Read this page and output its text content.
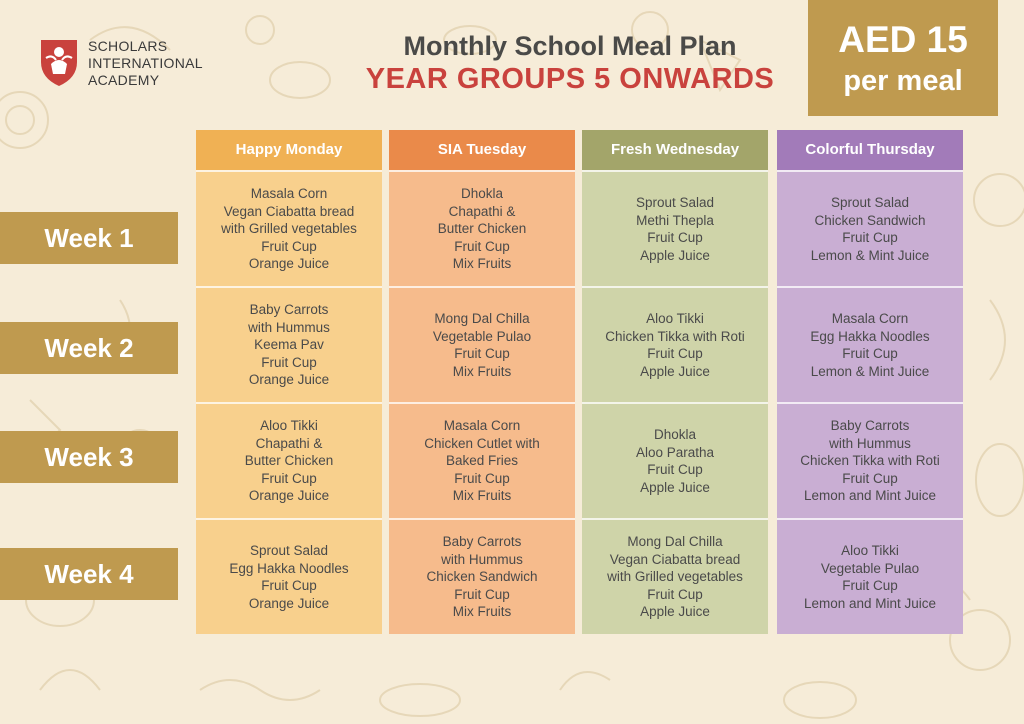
SCHOLARS
INTERNATIONAL
ACADEMY
Monthly School Meal Plan
YEAR GROUPS 5 ONWARDS
AED 15
per meal
Week 1
Week 2
Week 3
Week 4
Happy Monday
Masala Corn
Vegan Ciabatta bread
with Grilled vegetables
Fruit Cup
Orange Juice
Baby Carrots
with Hummus
Keema Pav
Fruit Cup
Orange Juice
Aloo Tikki
Chapathi &
Butter Chicken
Fruit Cup
Orange Juice
Sprout Salad
Egg Hakka Noodles
Fruit Cup
Orange Juice
SIA Tuesday
Dhokla
Chapathi &
Butter Chicken
Fruit Cup
Mix Fruits
Mong Dal Chilla
Vegetable Pulao
Fruit Cup
Mix Fruits
Masala Corn
Chicken Cutlet with
Baked Fries
Fruit Cup
Mix Fruits
Baby Carrots
with Hummus
Chicken Sandwich
Fruit Cup
Mix Fruits
Fresh Wednesday
Sprout Salad
Methi Thepla
Fruit Cup
Apple Juice
Aloo Tikki
Chicken Tikka with Roti
Fruit Cup
Apple Juice
Dhokla
Aloo Paratha
Fruit Cup
Apple Juice
Mong Dal Chilla
Vegan Ciabatta bread
with Grilled vegetables
Fruit Cup
Apple Juice
Colorful Thursday
Sprout Salad
Chicken Sandwich
Fruit Cup
Lemon & Mint Juice
Masala Corn
Egg Hakka Noodles
Fruit Cup
Lemon & Mint Juice
Baby Carrots
with Hummus
Chicken Tikka with Roti
Fruit Cup
Lemon and Mint Juice
Aloo Tikki
Vegetable Pulao
Fruit Cup
Lemon and Mint Juice
